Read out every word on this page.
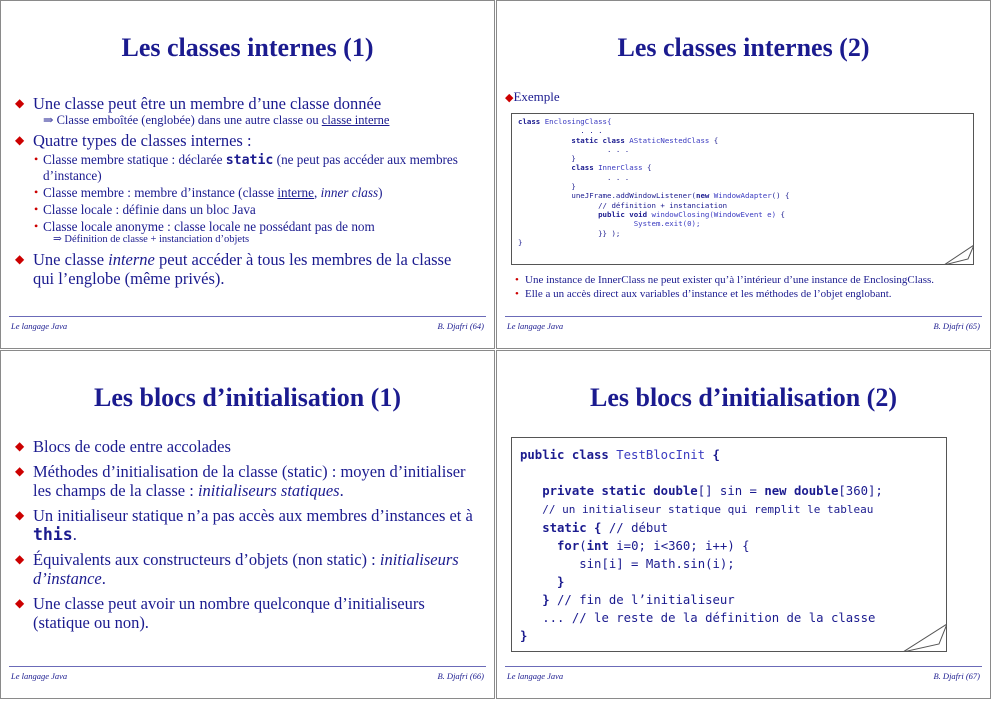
Les classes internes (1)
◆ Une classe peut être un membre d’une classe donnée
⇒ Classe emboîtée (englobée) dans une autre classe ou classe interne
◆ Quatre types de classes internes :
• Classe membre statique : déclarée static (ne peut pas accéder aux membres d’instance)
• Classe membre : membre d’instance (classe interne, inner class)
• Classe locale : définie dans un bloc Java
• Classe locale anonyme : classe locale ne possédant pas de nom
⇒ Définition de classe + instanciation d’objets
◆ Une classe interne peut accéder à tous les membres de la classe qui l’englobe (même privés).
Le langage Java	B. Djafri (64)
Les classes internes (2)
◆Exemple
class EnclosingClass{
. . .
static class AStaticNestedClass {
. . .
}
class InnerClass {
. . .
}
uneJFrame.addWindowListener(new WindowAdapter() {
// définition + instanciation
public void windowClosing(WindowEvent e) {
System.exit(0);
}} );
}
• Une instance de InnerClass ne peut exister qu’à l’intérieur d’une instance de EnclosingClass.
• Elle a un accès direct aux variables d’instance et les méthodes de l’objet englobant.
Le langage Java	B. Djafri (65)
Les blocs d’initialisation (1)
◆ Blocs de code entre accolades
◆ Méthodes d’initialisation de la classe (static) : moyen d’initialiser les champs de la classe : initialiseurs statiques.
◆ Un initialiseur statique n’a pas accès aux membres d’instances et à this.
◆ Équivalents aux constructeurs d’objets (non static) : initialiseurs d’instance.
◆ Une classe peut avoir un nombre quelconque d’initialiseurs (statique ou non).
Le langage Java	B. Djafri (66)
Les blocs d’initialisation (2)
public class TestBlocInit {

private static double[] sin = new double[360];
// un initialiseur statique qui remplit le tableau
static { // début
for(int i=0; i<360; i++) {
sin[i] = Math.sin(i);
}
} // fin de l’initialiseur
... // le reste de la définition de la classe
}
Le langage Java	B. Djafri (67)
